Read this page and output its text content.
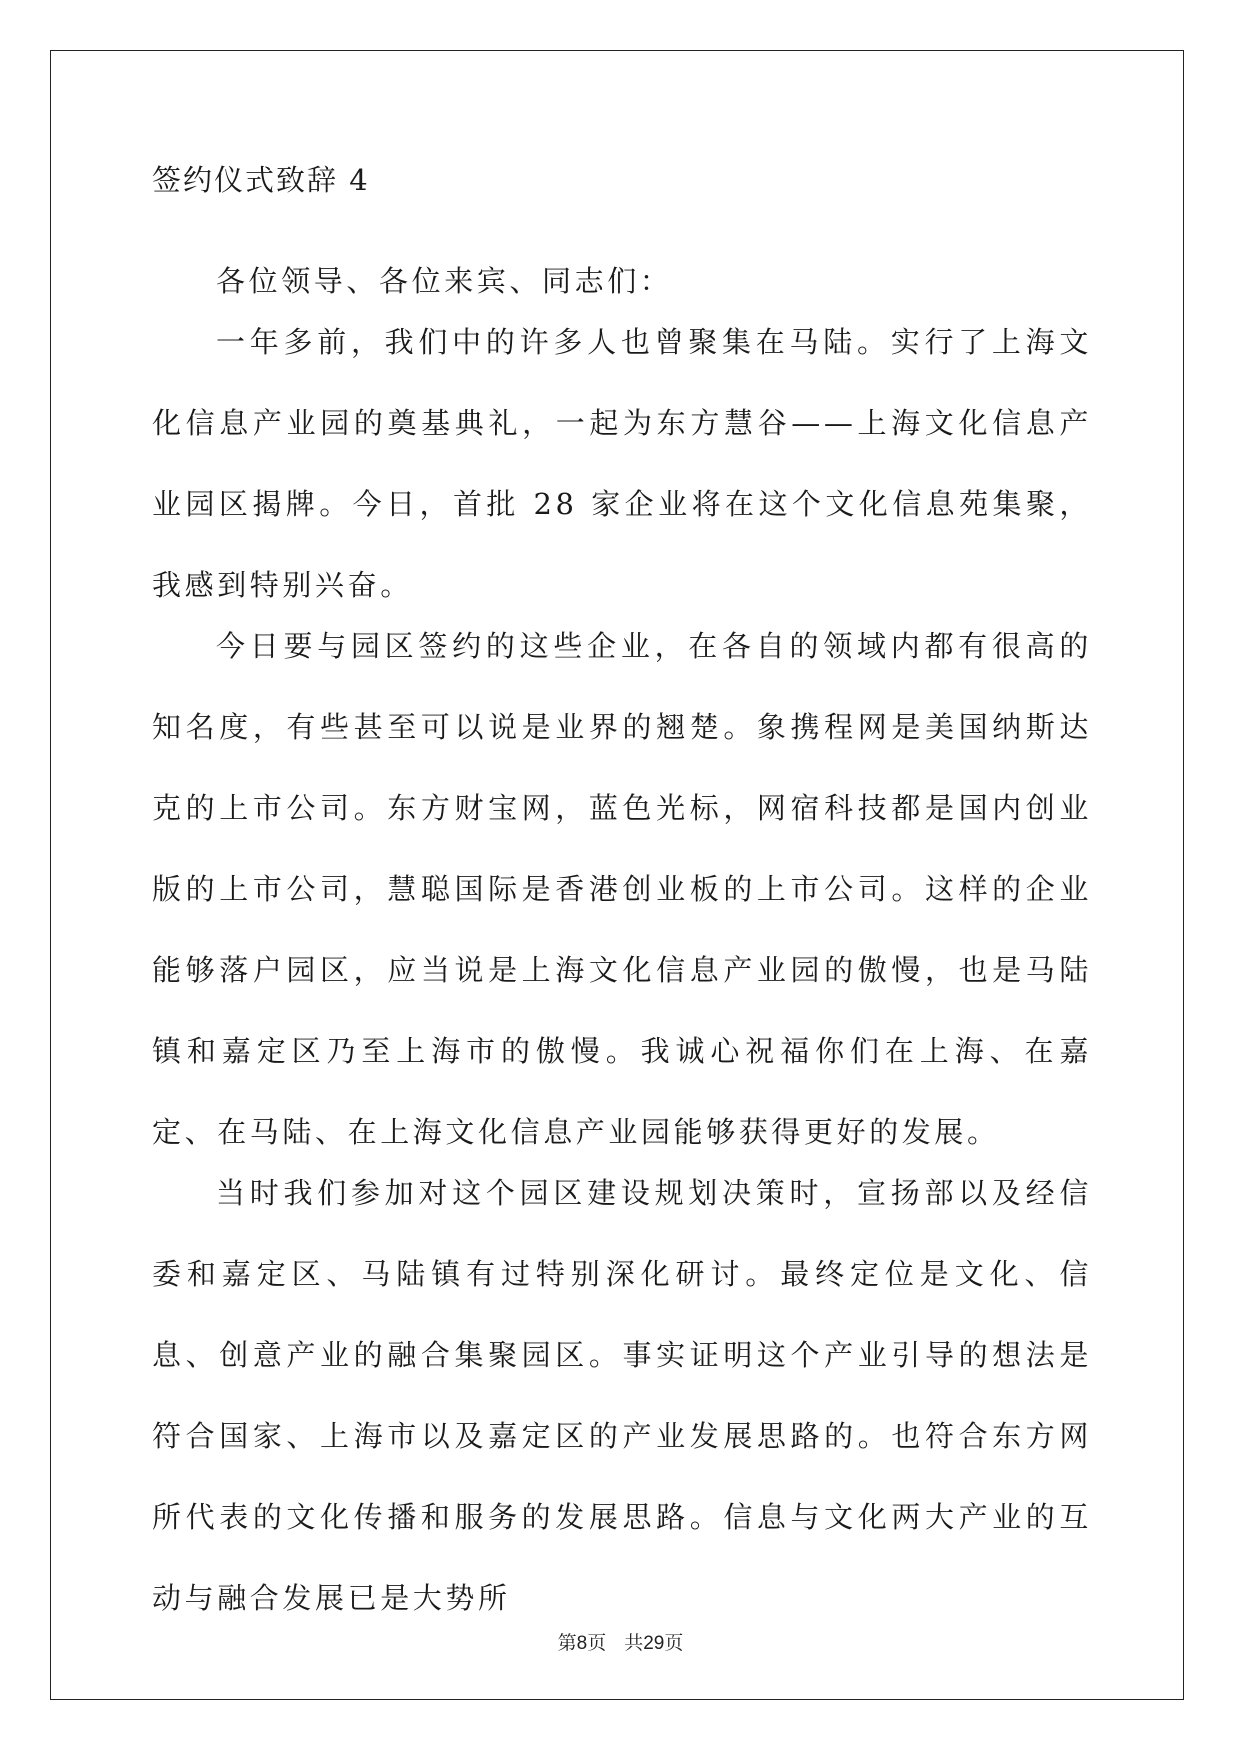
签约仪式致辞 4

各位领导、各位来宾、同志们：

一年多前，我们中的许多人也曾聚集在马陆。实行了上海文化信息产业园的奠基典礼，一起为东方慧谷——上海文化信息产业园区揭牌。今日，首批 28 家企业将在这个文化信息苑集聚，我感到特别兴奋。

今日要与园区签约的这些企业，在各自的领域内都有很高的知名度，有些甚至可以说是业界的翘楚。象携程网是美国纳斯达克的上市公司。东方财宝网，蓝色光标，网宿科技都是国内创业版的上市公司，慧聪国际是香港创业板的上市公司。这样的企业能够落户园区，应当说是上海文化信息产业园的傲慢，也是马陆镇和嘉定区乃至上海市的傲慢。我诚心祝福你们在上海、在嘉定、在马陆、在上海文化信息产业园能够获得更好的发展。

当时我们参加对这个园区建设规划决策时，宣扬部以及经信委和嘉定区、马陆镇有过特别深化研讨。最终定位是文化、信息、创意产业的融合集聚园区。事实证明这个产业引导的想法是符合国家、上海市以及嘉定区的产业发展思路的。也符合东方网所代表的文化传播和服务的发展思路。信息与文化两大产业的互动与融合发展已是大势所

第8页 共29页
